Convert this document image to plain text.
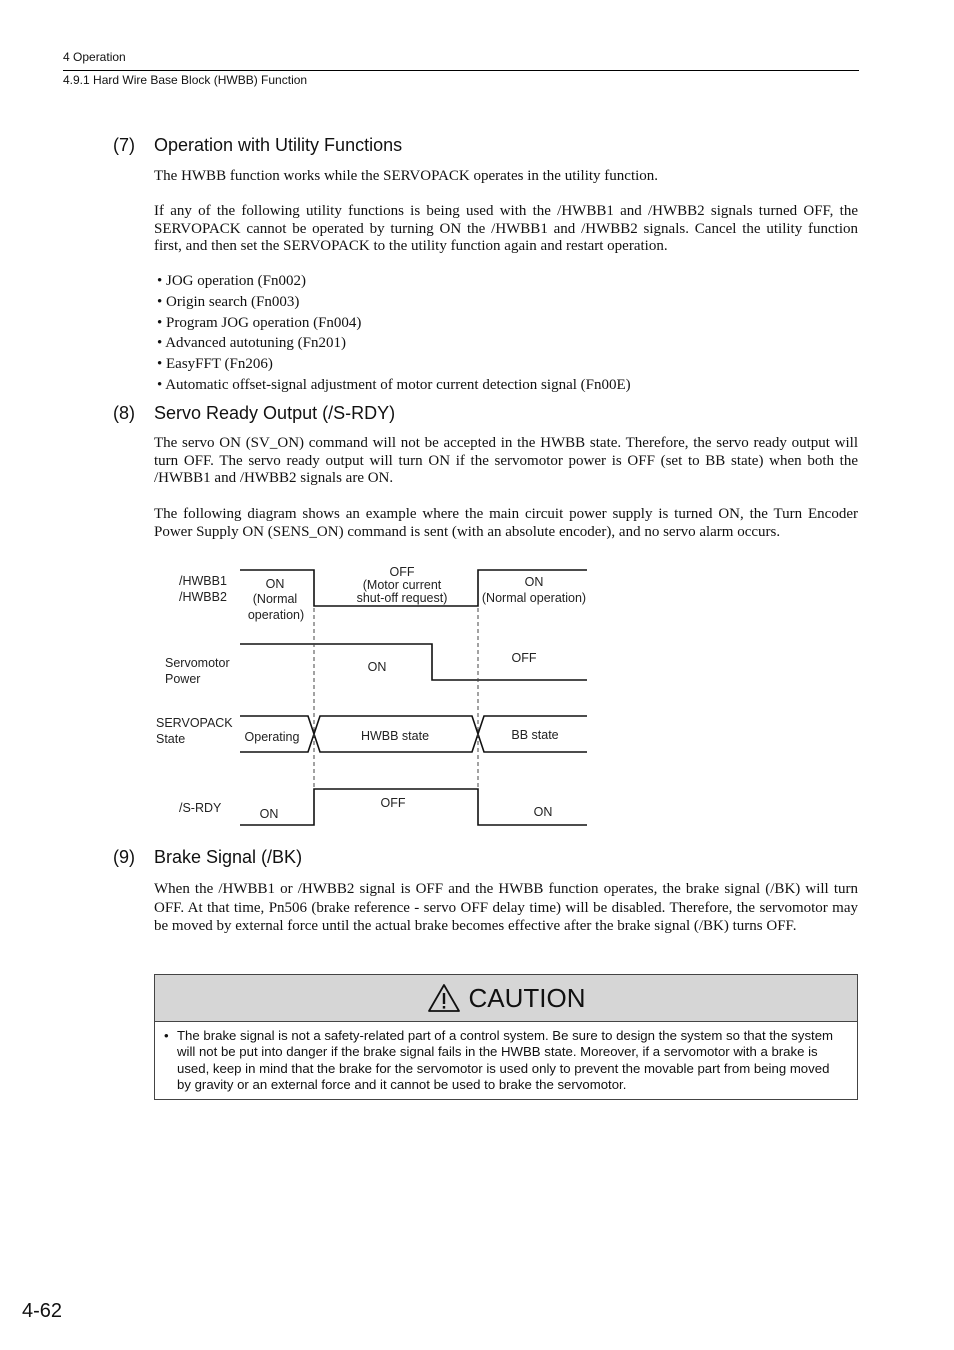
4 Operation
4.9.1 Hard Wire Base Block (HWBB) Function
(7) Operation with Utility Functions

The HWBB function works while the SERVOPACK operates in the utility function.

If any of the following utility functions is being used with the /HWBB1 and /HWBB2 signals turned OFF, the SERVOPACK cannot be operated by turning ON the /HWBB1 and /HWBB2 signals. Cancel the utility function first, and then set the SERVOPACK to the utility function again and restart operation.

• JOG operation (Fn002)
• Origin search (Fn003)
• Program JOG operation (Fn004)
• Advanced autotuning (Fn201)
• EasyFFT (Fn206)
• Automatic offset-signal adjustment of motor current detection signal (Fn00E)
(8) Servo Ready Output (/S-RDY)

The servo ON (SV_ON) command will not be accepted in the HWBB state. Therefore, the servo ready output will turn OFF. The servo ready output will turn ON if the servomotor power is OFF (set to BB state) when both the /HWBB1 and /HWBB2 signals are ON.

The following diagram shows an example where the main circuit power supply is turned ON, the Turn Encoder Power Supply ON (SENS_ON) command is sent (with an absolute encoder), and no servo alarm occurs.

/HWBB1
/HWBB2
Servomotor
Power
SERVOPACK
State
/S-RDY
ON
(Normal
operation)
OFF
(Motor current
shut-off request)
ON
(Normal operation)
ON
OFF
Operating	HWBB state	BB state
ON
OFF
ON
(9) Brake Signal (/BK)

When the /HWBB1 or /HWBB2 signal is OFF and the HWBB function operates, the brake signal (/BK) will turn OFF. At that time, Pn506 (brake reference - servo OFF delay time) will be disabled. Therefore, the servomotor may be moved by external force until the actual brake becomes effective after the brake signal (/BK) turns OFF.

CAUTION
• The brake signal is not a safety-related part of a control system. Be sure to design the system so that the system will not be put into danger if the brake signal fails in the HWBB state. Moreover, if a servomotor with a brake is used, keep in mind that the brake for the servomotor is used only to prevent the movable part from being moved by gravity or an external force and it cannot be used to brake the servomotor.
4-62
